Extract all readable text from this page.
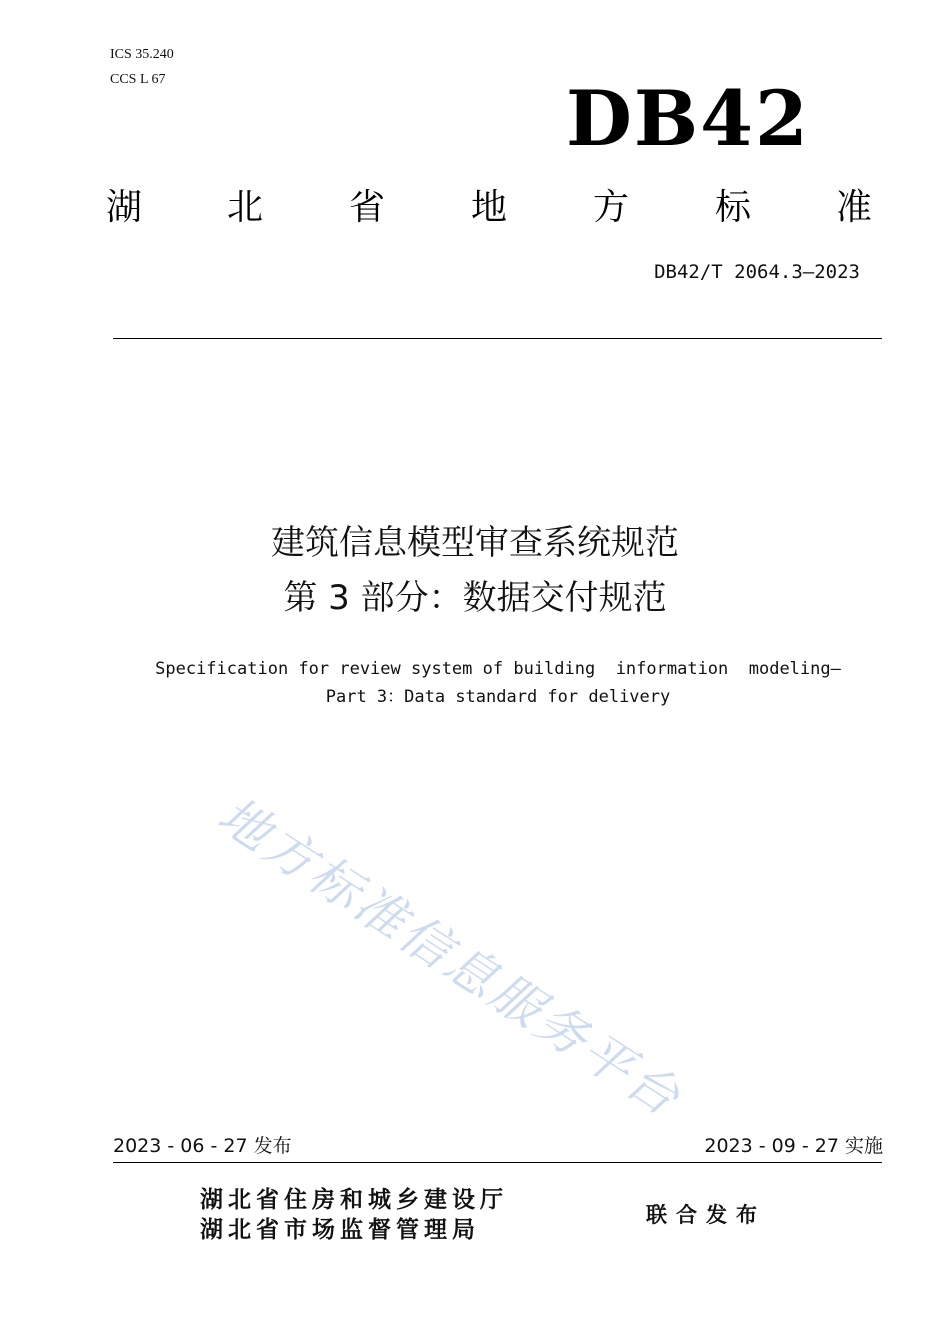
ICS 35.240
CCS L 67	DB42
湖 北 省 地 方 标 准
DB42/T 2064.3—2023
建筑信息模型审查系统规范
第 3 部分：数据交付规范
Specification for review system of building  information  modeling—
Part 3：Data standard for delivery
地方标准信息服务平台
2023 - 06 - 27 发布	2023 - 09 - 27 实施
湖北省住房和城乡建设厅
湖北省市场监督管理局
联合发布
